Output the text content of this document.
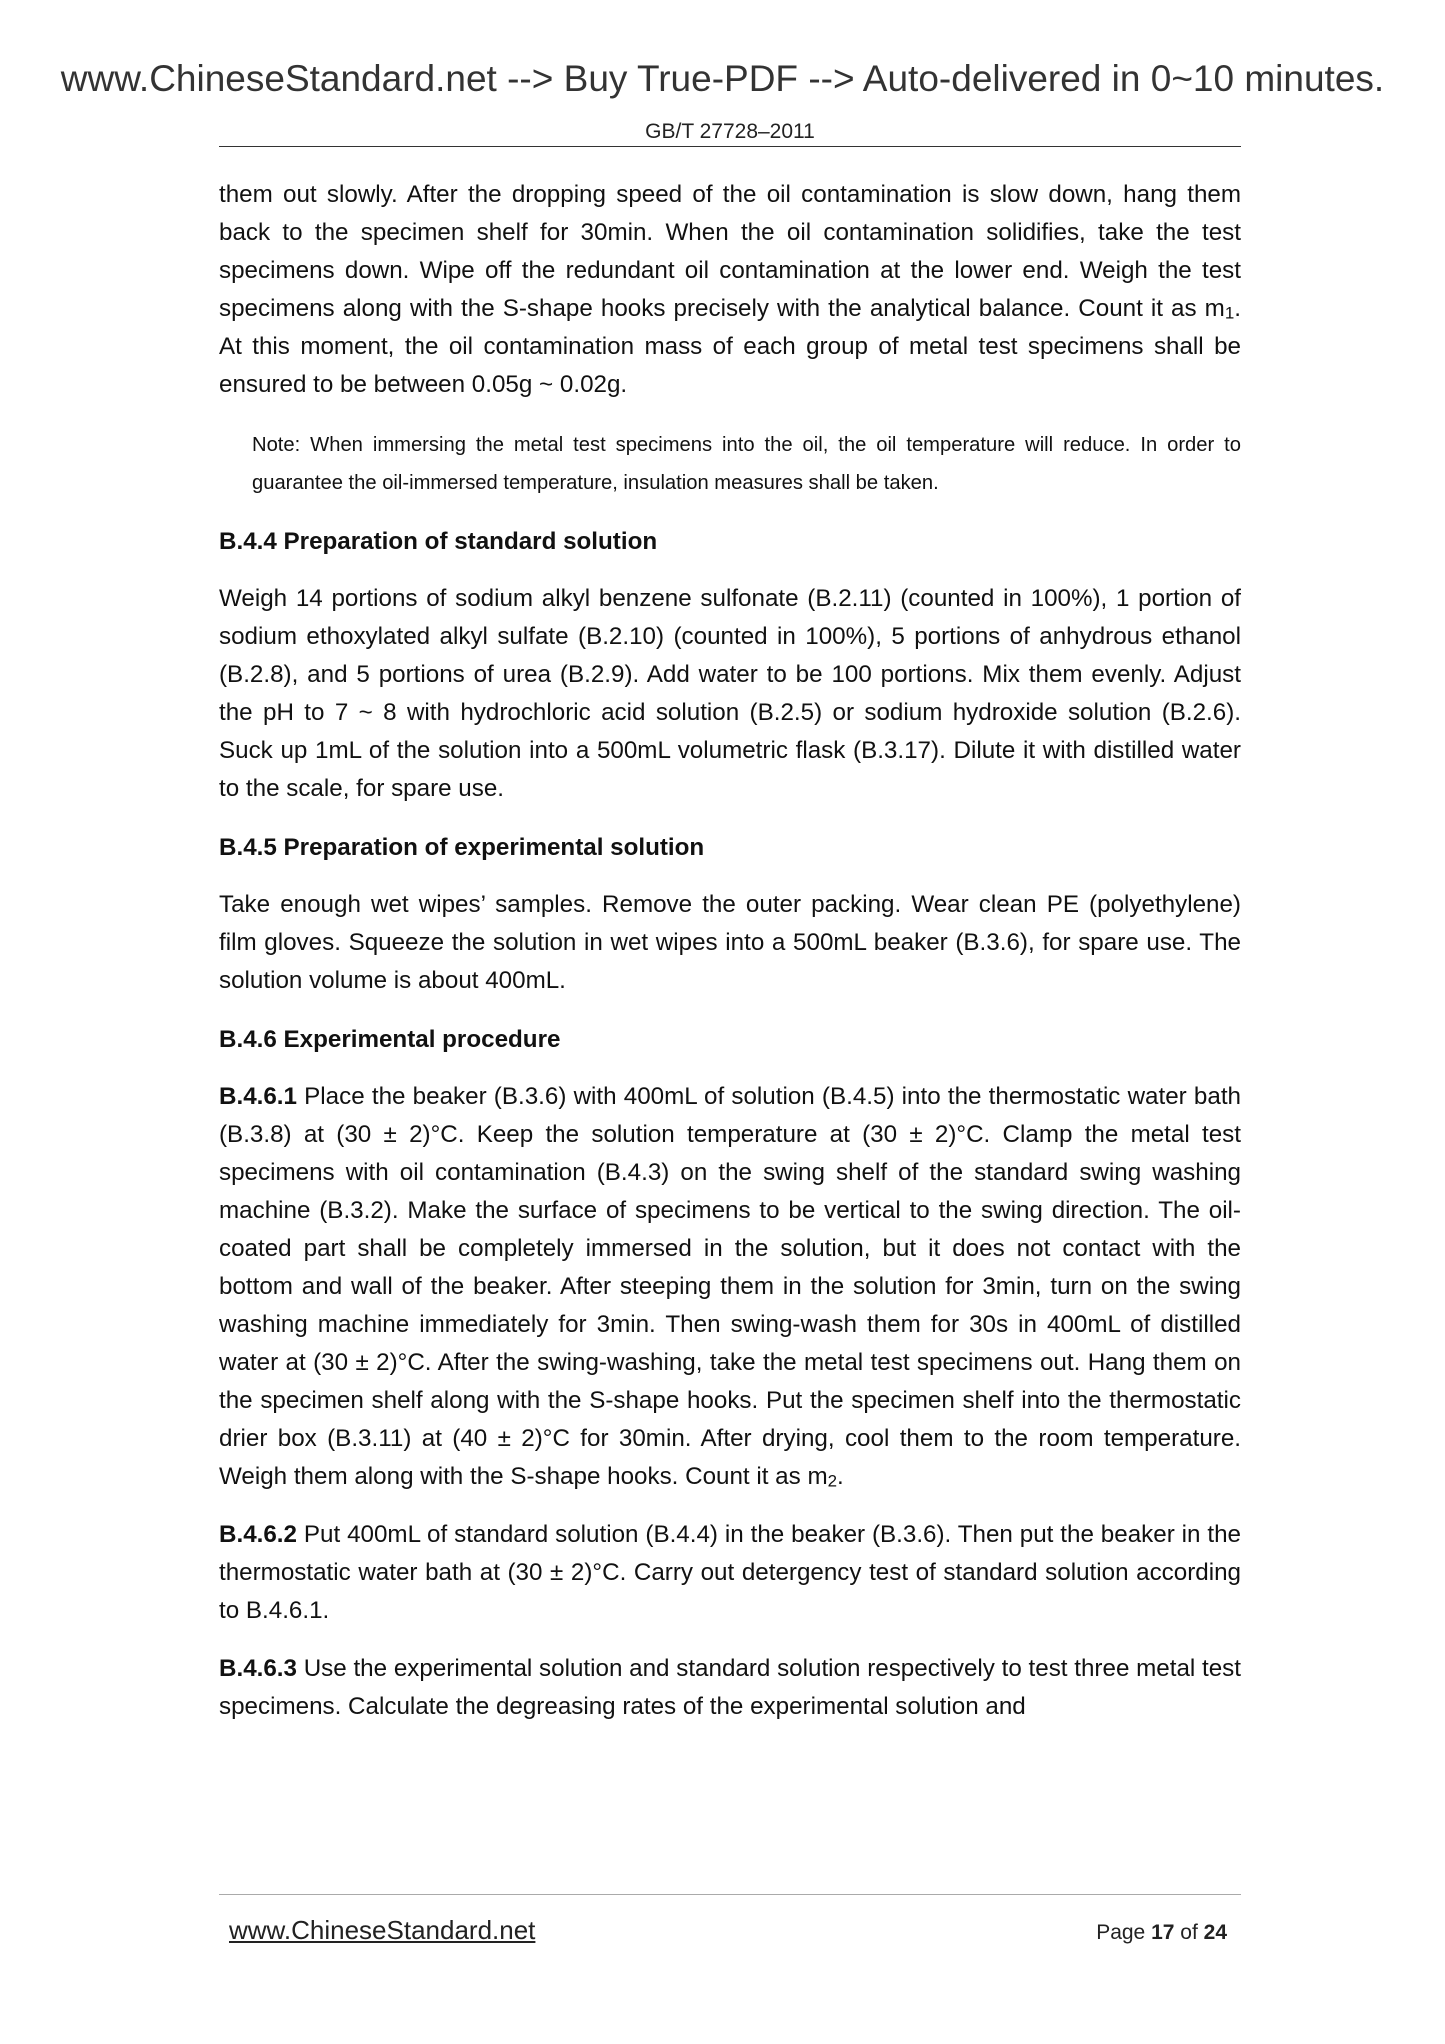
www.ChineseStandard.net --> Buy True-PDF --> Auto-delivered in 0~10 minutes.
GB/T 27728–2011

them out slowly. After the dropping speed of the oil contamination is slow down, hang them back to the specimen shelf for 30min. When the oil contamination solidifies, take the test specimens down. Wipe off the redundant oil contamination at the lower end. Weigh the test specimens along with the S-shape hooks precisely with the analytical balance. Count it as $m_1$. At this moment, the oil contamination mass of each group of metal test specimens shall be ensured to be between 0.05g ~ 0.02g.

Note: When immersing the metal test specimens into the oil, the oil temperature will reduce. In order to guarantee the oil-immersed temperature, insulation measures shall be taken.

B.4.4 Preparation of standard solution

Weigh 14 portions of sodium alkyl benzene sulfonate (B.2.11) (counted in 100%), 1 portion of sodium ethoxylated alkyl sulfate (B.2.10) (counted in 100%), 5 portions of anhydrous ethanol (B.2.8), and 5 portions of urea (B.2.9). Add water to be 100 portions. Mix them evenly. Adjust the pH to 7 ~ 8 with hydrochloric acid solution (B.2.5) or sodium hydroxide solution (B.2.6). Suck up 1mL of the solution into a 500mL volumetric flask (B.3.17). Dilute it with distilled water to the scale, for spare use.

B.4.5 Preparation of experimental solution

Take enough wet wipes’ samples. Remove the outer packing. Wear clean PE (polyethylene) film gloves. Squeeze the solution in wet wipes into a 500mL beaker (B.3.6), for spare use. The solution volume is about 400mL.

B.4.6 Experimental procedure

B.4.6.1 Place the beaker (B.3.6) with 400mL of solution (B.4.5) into the thermostatic water bath (B.3.8) at (30 ± 2)°C. Keep the solution temperature at (30 ± 2)°C. Clamp the metal test specimens with oil contamination (B.4.3) on the swing shelf of the standard swing washing machine (B.3.2). Make the surface of specimens to be vertical to the swing direction. The oil-coated part shall be completely immersed in the solution, but it does not contact with the bottom and wall of the beaker. After steeping them in the solution for 3min, turn on the swing washing machine immediately for 3min. Then swing-wash them for 30s in 400mL of distilled water at (30 ± 2)°C. After the swing-washing, take the metal test specimens out. Hang them on the specimen shelf along with the S-shape hooks. Put the specimen shelf into the thermostatic drier box (B.3.11) at (40 ± 2)°C for 30min. After drying, cool them to the room temperature. Weigh them along with the S-shape hooks. Count it as $m_2$.

B.4.6.2 Put 400mL of standard solution (B.4.4) in the beaker (B.3.6). Then put the beaker in the thermostatic water bath at (30 ± 2)°C. Carry out detergency test of standard solution according to B.4.6.1.

B.4.6.3 Use the experimental solution and standard solution respectively to test three metal test specimens. Calculate the degreasing rates of the experimental solution and

www.ChineseStandard.net	Page 17 of 24
